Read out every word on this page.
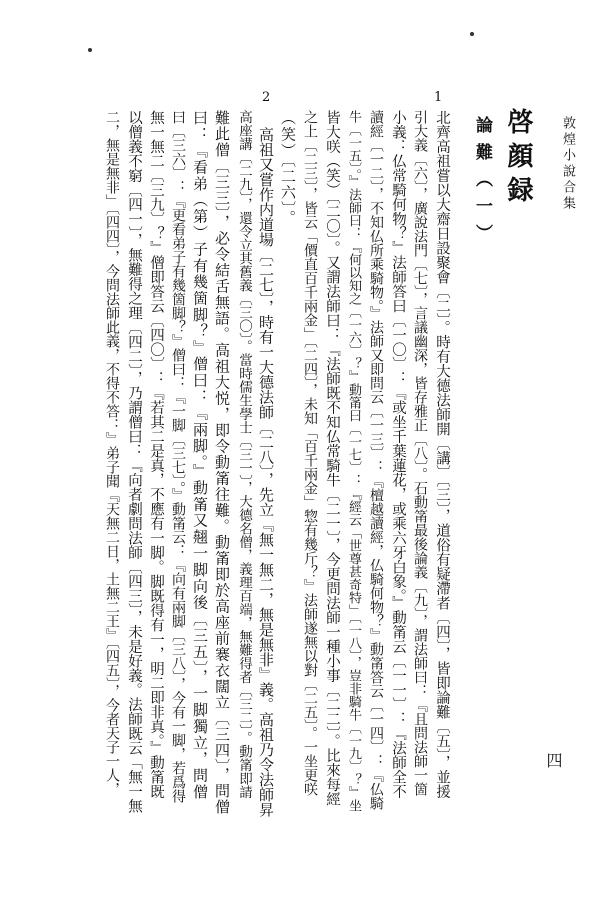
敦煌小說合集
啓顔録
論難（一）
1
2
四
北齊高祖嘗以大齋日設聚會〔二〕。時有大德法師開〔講〕〔三〕，道俗有疑滯者〔四〕，皆即論難〔五〕，並援
引大義〔六〕，廣說法門〔七〕，言議幽深，皆存雅正〔八〕。石動筩最後論義〔九〕，謂法師曰：『且問法師一箇
小義：仏常騎何物？』法師答曰〔一〇〕：『或坐千葉蓮花，或乘六牙白象。』動筩云〔一一〕：『法師全不
讀經〔一二〕，不知仏所乘騎物。』法師又即問云〔一三〕：『檀越讀經，仏騎何物？』動筩答云〔一四〕：『仏騎
牛〔一五〕。』法師曰：『何以知之〔一六〕？』動筩曰〔一七〕：『經云「世尊甚奇特」〔一八〕，豈非騎牛〔一九〕？』坐
皆大咲（笑）〔二〇〕。又謂法師曰：『法師既不知仏常騎牛〔二一〕，今更問法師一種小事〔二二〕。比來每經
之上〔二三〕，皆云「價直百千兩金」〔二四〕，未知「百千兩金」惣有幾斤？』法師遂無以對〔二五〕。一坐更咲
（笑）〔二六〕。
高祖又嘗作内道場〔二七〕，時有一大德法師〔二八〕，先立『無一無二，無是無非』義。高祖乃令法師昇
高座講〔二九〕，還令立其舊義〔三〇〕。當時儒生學士〔三一〕，大德名僧，義理百端，無難得者〔三二〕。動筩即請
難此僧〔三三〕，必令結舌無語。高祖大悦，即令動筩往難。動筩即於高座前褰衣闊立〔三四〕，問僧
曰：『看弟（第）子有幾箇脚？』僧曰：『兩脚。』動筩又翹一脚向後〔三五〕，一脚獨立，問僧
曰〔三六〕：『更看弟子有幾箇脚？』僧曰：『一脚〔三七〕。』動筩云：『向有兩脚〔三八〕，今有一脚，若爲得
無一無二〔三九〕？』僧即答云〔四〇〕：『若其二是真，不應有一脚。脚既得有一，明二即非真。』動筩既
以僧義不窮〔四一〕，無難得之理〔四二〕，乃謂僧曰：『向者劇問法師〔四三〕，未是好義。法師既云「無一無
二，無是無非」〔四四〕，今問法師此義，不得不答：』弟子聞『天無二日，土無二王』〔四五〕，今者天子一人，
